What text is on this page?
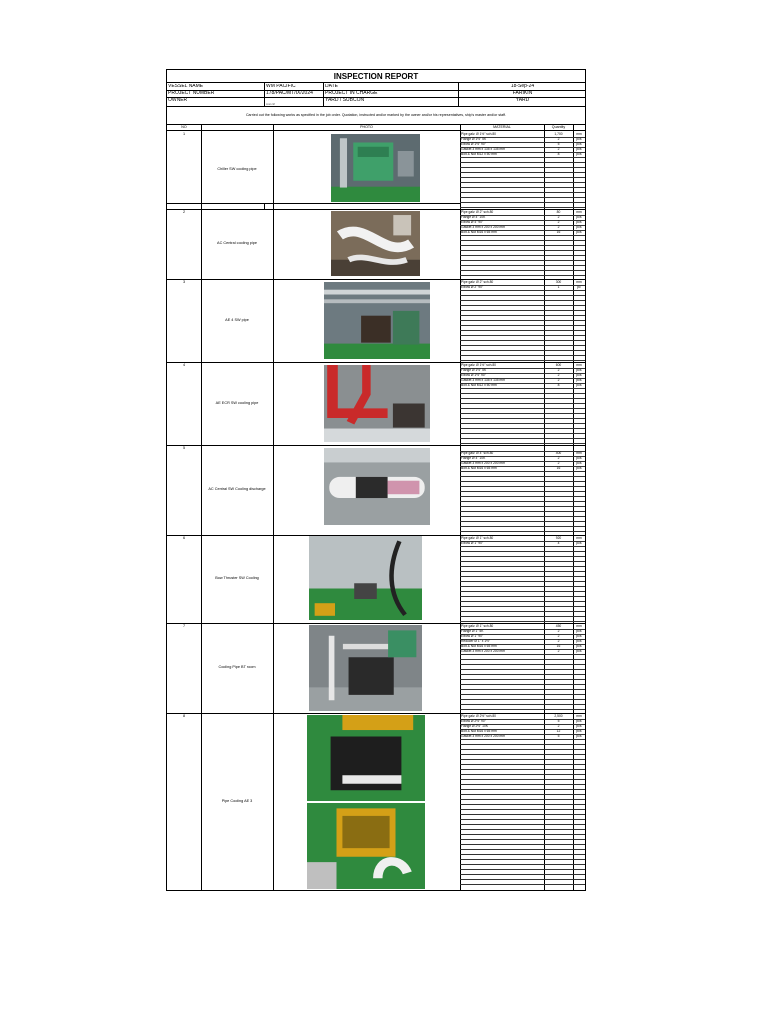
INSPECTION REPORT
VESSEL NAME	WM PACIFIC	DATE	18-Sep-24
PROJECT NUMBER	178/PAC/MT/IX/2024	PROJECT IN CHARGE	FARIKIN
OWNER
cost ctrl
YARD / SUBCON	YARD
Carried out the following works as specified in the job order. Quotation, instructed and/or marked by the owner and/or his representatives, ship's master and/or staff.
NO	PHOTO	MATERIAL	Quantity
1
Chiller SW cooling pipe
Pipe galv. Ø 1½" sch.80	1,700	mm
Flange Ø 1½" 5K	2	pcs
Elbow Ø 1½" 90°	5	pcs
Gasket 3 mm x 135 x 135 mm	2	pcs
Bolt & Nut M12 x 50 mm	8	pcs
2
AC Central cooling pipe
Pipe galv. Ø 2" sch.80	80	mm
Flange Ø 4" 10K	2	pcs
Elbow Ø 4" 90°	2	pcs
Gasket 3 mm x 200 x 200 mm	2	pcs
Bolt & Nut M16 x 65 mm	16	pcs
3
AE 4 SW pipe
Pipe galv. Ø 2" sch.80	300	mm
Elbow Ø 2" 90°	1	pc
4
AE ECR SW cooling pipe
Pipe galv. Ø 1½" sch.80	600	mm
Flange Ø 1½" 5K	2	pcs
Elbow Ø 1½" 90°	2	pcs
Gasket 3 mm x 135 x 135 mm	2	pcs
Bolt & Nut M12 x 50 mm	8	pcs
5
AC Central SW Cooling discharge
Pipe galv. Ø 4" sch.80	400	mm
Flange Ø 4" 10K	2	pcs
Gasket 3 mm x 200 x 200 mm	2	pcs
Bolt & Nut M16 x 65 mm	16	pcs
6
Bow Thruster SW Cooling
Pipe galv. Ø 1" sch.80	920	mm
Elbow Ø 1" 90°	4	pcs
7
Cooling Pipe BT room
Pipe galv. Ø 1" sch.80	450	mm
Flange Ø 1" 5K	2	pcs
Elbow Ø 1" 90°	2	pcs
Reducer Ø 1" x 1½"	2	pcs
Bolt & Nut M16 x 65 mm	16	pcs
Gasket 3 mm x 200 x 200 mm	2	pcs
8
Pipe Cooling AE 3
Pipe galv. Ø 2½" sch.80	2,500	mm
Elbow Ø 2½" 90°	5	pcs
Flange Ø 2½" 10K	2	pcs
Bolt & Nut M16 x 65 mm	12	pcs
Gasket 3 mm x 200 x 200 mm	5	pcs
